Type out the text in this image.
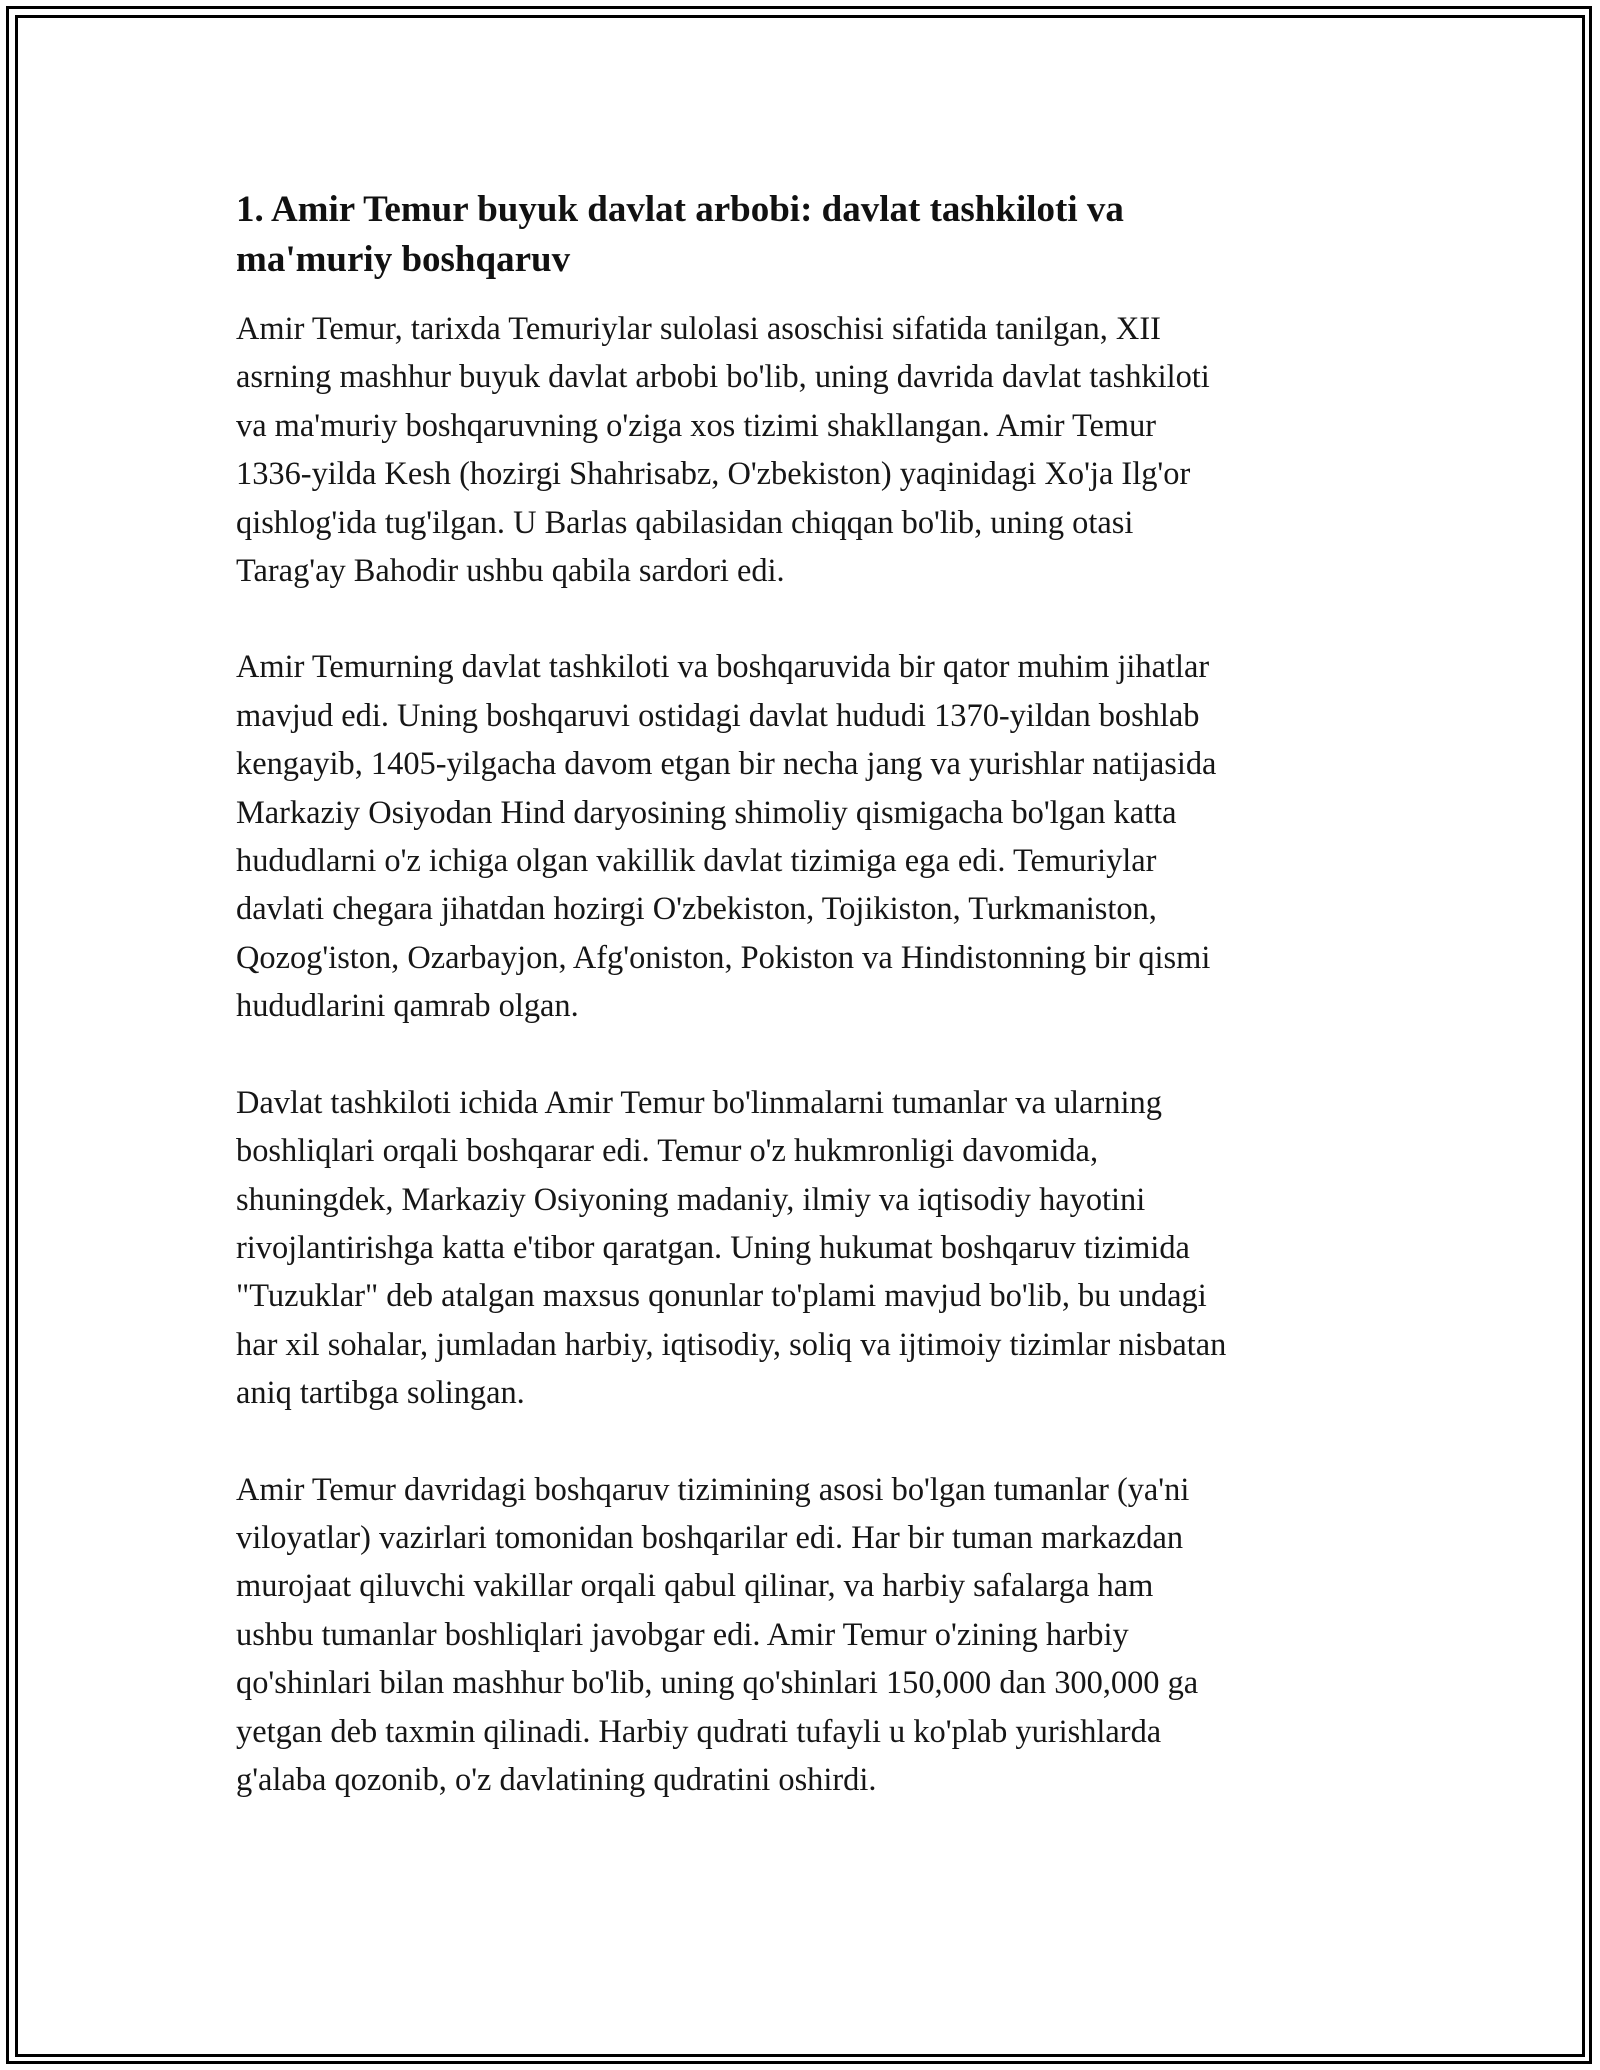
1. Amir Temur buyuk davlat arbobi: davlat tashkiloti va
ma'muriy boshqaruv

Amir Temur, tarixda Temuriylar sulolasi asoschisi sifatida tanilgan, XII
asrning mashhur buyuk davlat arbobi bo'lib, uning davrida davlat tashkiloti
va ma'muriy boshqaruvning o'ziga xos tizimi shakllangan. Amir Temur
1336-yilda Kesh (hozirgi Shahrisabz, O'zbekiston) yaqinidagi Xo'ja Ilg'or
qishlog'ida tug'ilgan. U Barlas qabilasidan chiqqan bo'lib, uning otasi
Tarag'ay Bahodir ushbu qabila sardori edi.

Amir Temurning davlat tashkiloti va boshqaruvida bir qator muhim jihatlar
mavjud edi. Uning boshqaruvi ostidagi davlat hududi 1370-yildan boshlab
kengayib, 1405-yilgacha davom etgan bir necha jang va yurishlar natijasida
Markaziy Osiyodan Hind daryosining shimoliy qismigacha bo'lgan katta
hududlarni o'z ichiga olgan vakillik davlat tizimiga ega edi. Temuriylar
davlati chegara jihatdan hozirgi O'zbekiston, Tojikiston, Turkmaniston,
Qozog'iston, Ozarbayjon, Afg'oniston, Pokiston va Hindistonning bir qismi
hududlarini qamrab olgan.

Davlat tashkiloti ichida Amir Temur bo'linmalarni tumanlar va ularning
boshliqlari orqali boshqarar edi. Temur o'z hukmronligi davomida,
shuningdek, Markaziy Osiyoning madaniy, ilmiy va iqtisodiy hayotini
rivojlantirishga katta e'tibor qaratgan. Uning hukumat boshqaruv tizimida
"Tuzuklar" deb atalgan maxsus qonunlar to'plami mavjud bo'lib, bu undagi
har xil sohalar, jumladan harbiy, iqtisodiy, soliq va ijtimoiy tizimlar nisbatan
aniq tartibga solingan.

Amir Temur davridagi boshqaruv tizimining asosi bo'lgan tumanlar (ya'ni
viloyatlar) vazirlari tomonidan boshqarilar edi. Har bir tuman markazdan
murojaat qiluvchi vakillar orqali qabul qilinar, va harbiy safalarga ham
ushbu tumanlar boshliqlari javobgar edi. Amir Temur o'zining harbiy
qo'shinlari bilan mashhur bo'lib, uning qo'shinlari 150,000 dan 300,000 ga
yetgan deb taxmin qilinadi. Harbiy qudrati tufayli u ko'plab yurishlarda
g'alaba qozonib, o'z davlatining qudratini oshirdi.
